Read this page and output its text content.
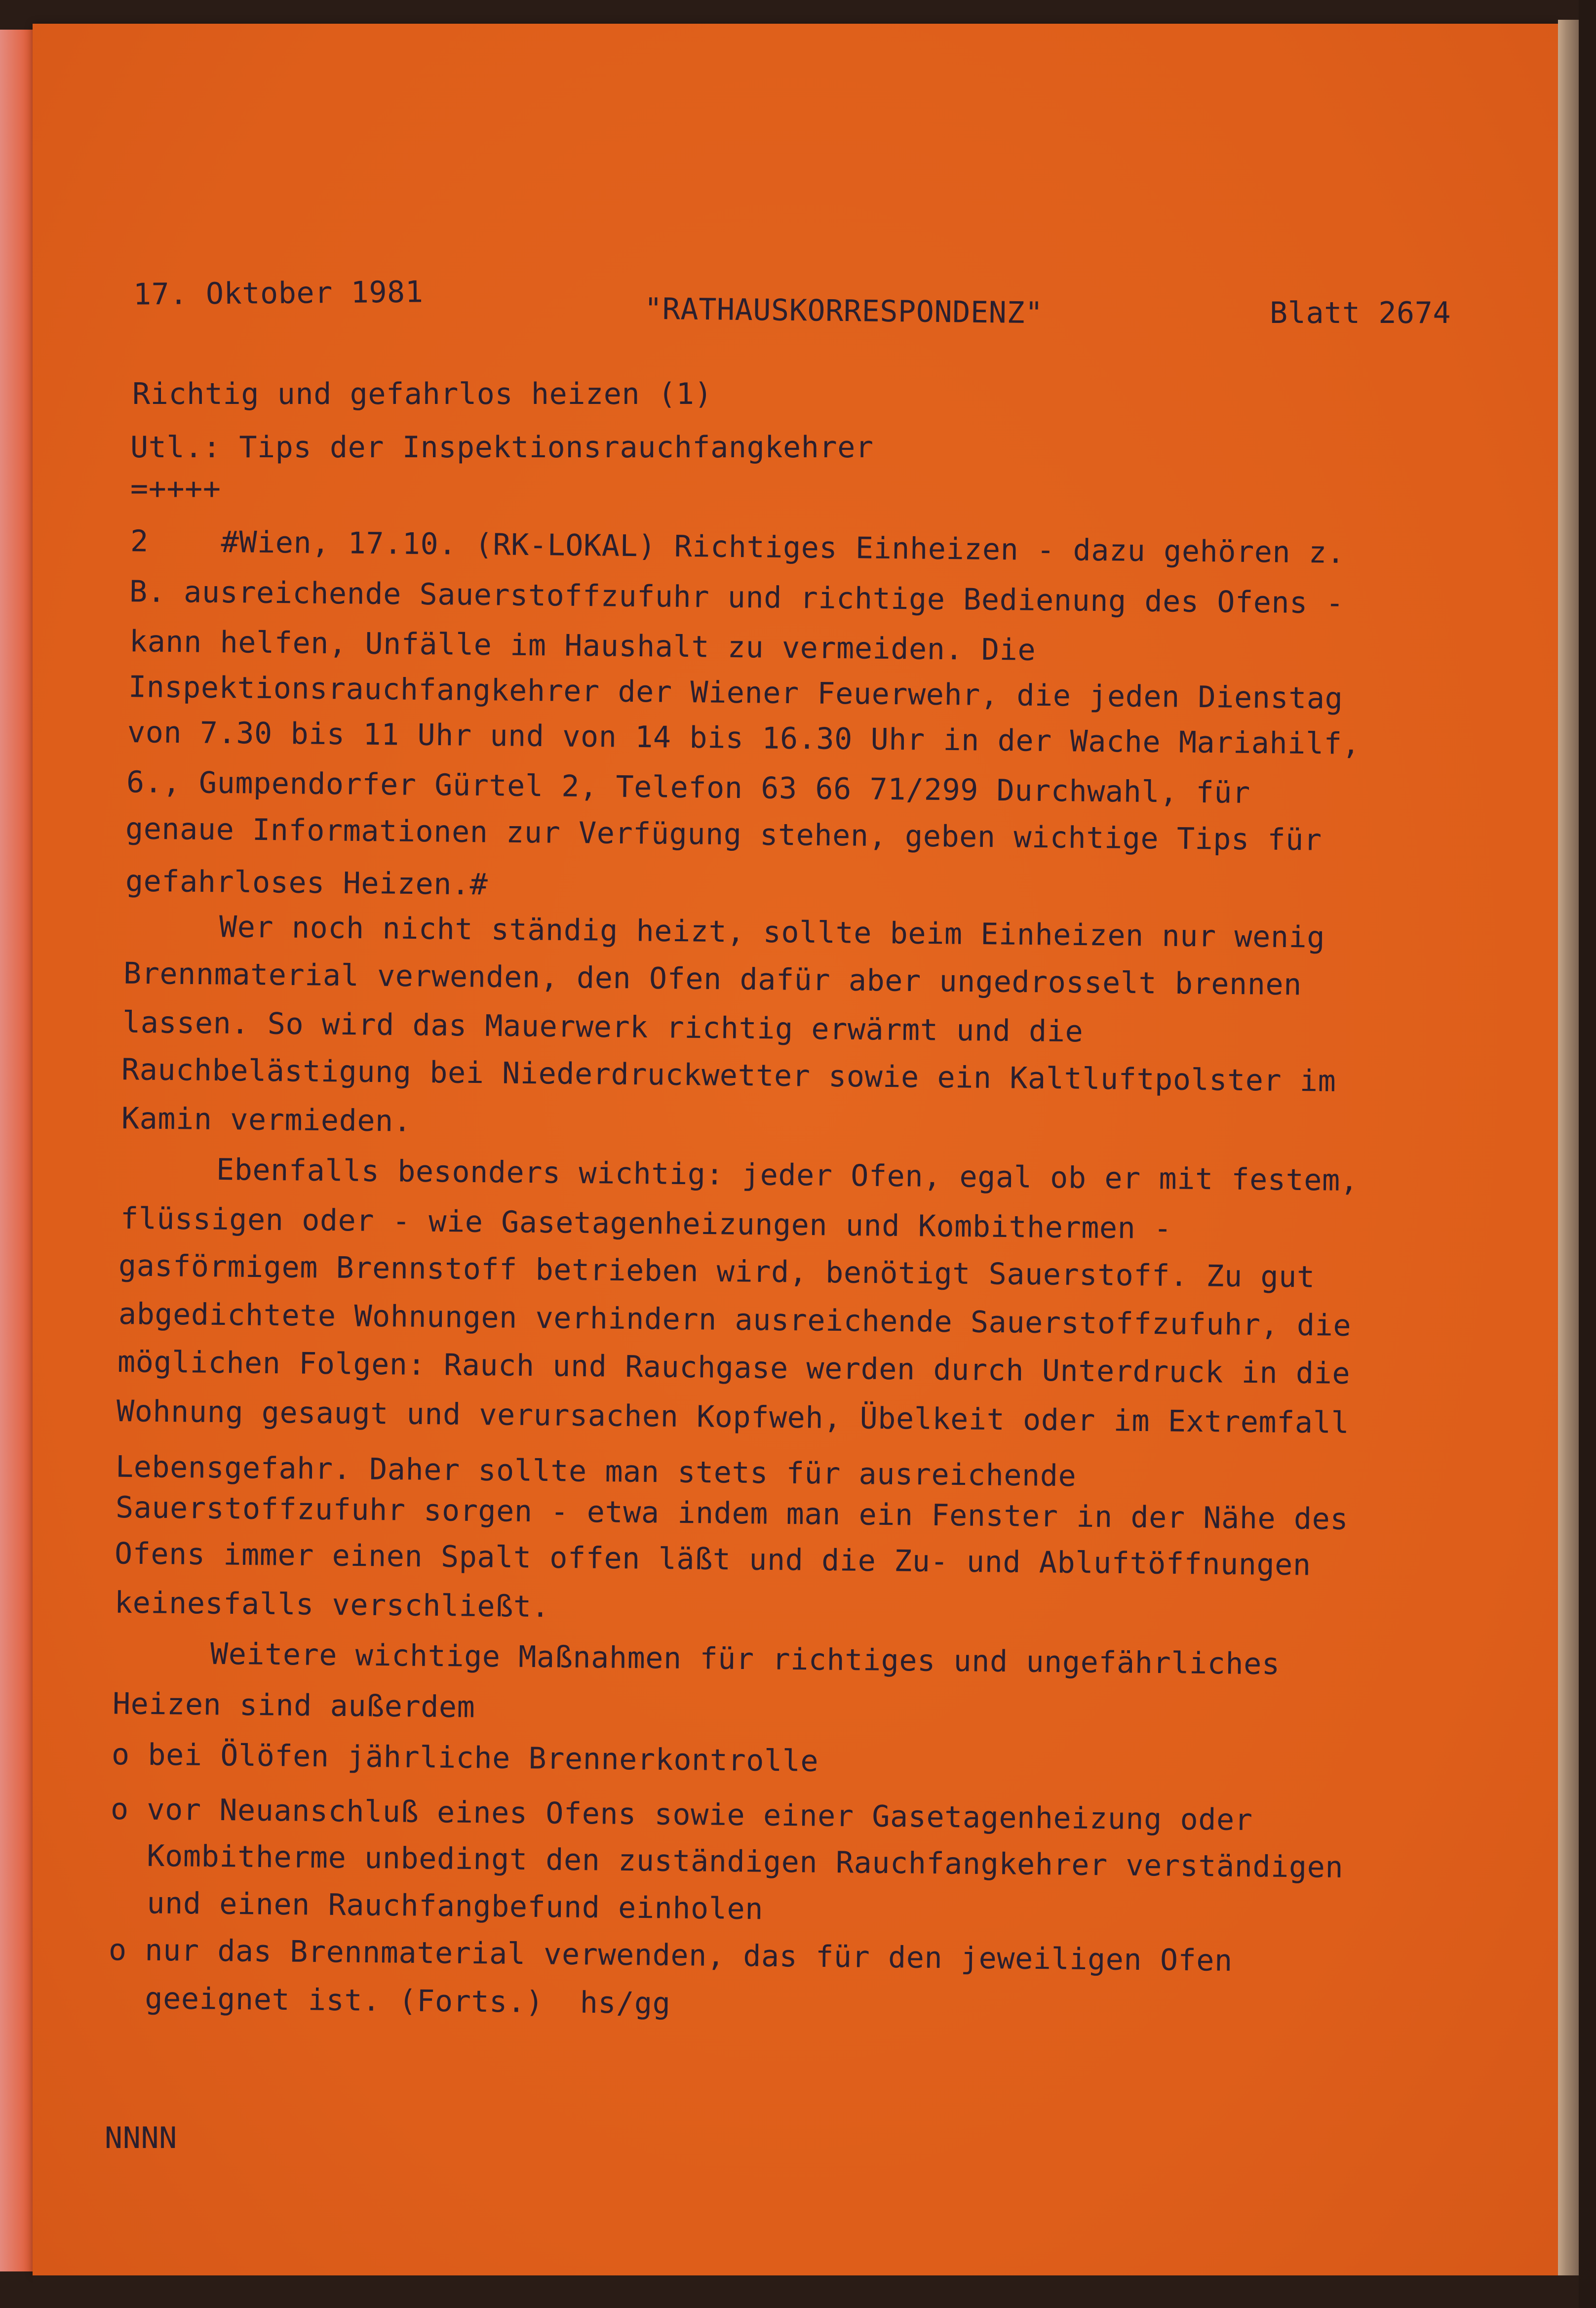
17. Oktober 1981	"RATHAUSKORRESPONDENZ"	Blatt 2674
Richtig und gefahrlos heizen (1)
Utl.: Tips der Inspektionsrauchfangkehrer
=++++
2    #Wien, 17.10. (RK-LOKAL) Richtiges Einheizen - dazu gehören z.
B. ausreichende Sauerstoffzufuhr und richtige Bedienung des Ofens -
kann helfen, Unfälle im Haushalt zu vermeiden. Die
Inspektionsrauchfangkehrer der Wiener Feuerwehr, die jeden Dienstag
von 7.30 bis 11 Uhr und von 14 bis 16.30 Uhr in der Wache Mariahilf,
6., Gumpendorfer Gürtel 2, Telefon 63 66 71/299 Durchwahl, für
genaue Informationen zur Verfügung stehen, geben wichtige Tips für
gefahrloses Heizen.#
Wer noch nicht ständig heizt, sollte beim Einheizen nur wenig
Brennmaterial verwenden, den Ofen dafür aber ungedrosselt brennen
lassen. So wird das Mauerwerk richtig erwärmt und die
Rauchbelästigung bei Niederdruckwetter sowie ein Kaltluftpolster im
Kamin vermieden.
Ebenfalls besonders wichtig: jeder Ofen, egal ob er mit festem,
flüssigen oder - wie Gasetagenheizungen und Kombithermen -
gasförmigem Brennstoff betrieben wird, benötigt Sauerstoff. Zu gut
abgedichtete Wohnungen verhindern ausreichende Sauerstoffzufuhr, die
möglichen Folgen: Rauch und Rauchgase werden durch Unterdruck in die
Wohnung gesaugt und verursachen Kopfweh, Übelkeit oder im Extremfall
Lebensgefahr. Daher sollte man stets für ausreichende
Sauerstoffzufuhr sorgen - etwa indem man ein Fenster in der Nähe des
Ofens immer einen Spalt offen läßt und die Zu- und Abluftöffnungen
keinesfalls verschließt.
Weitere wichtige Maßnahmen für richtiges und ungefährliches
Heizen sind außerdem
o bei Ölöfen jährliche Brennerkontrolle
o vor Neuanschluß eines Ofens sowie einer Gasetagenheizung oder
Kombitherme unbedingt den zuständigen Rauchfangkehrer verständigen
und einen Rauchfangbefund einholen
o nur das Brennmaterial verwenden, das für den jeweiligen Ofen
geeignet ist. (Forts.)  hs/gg
NNNN
